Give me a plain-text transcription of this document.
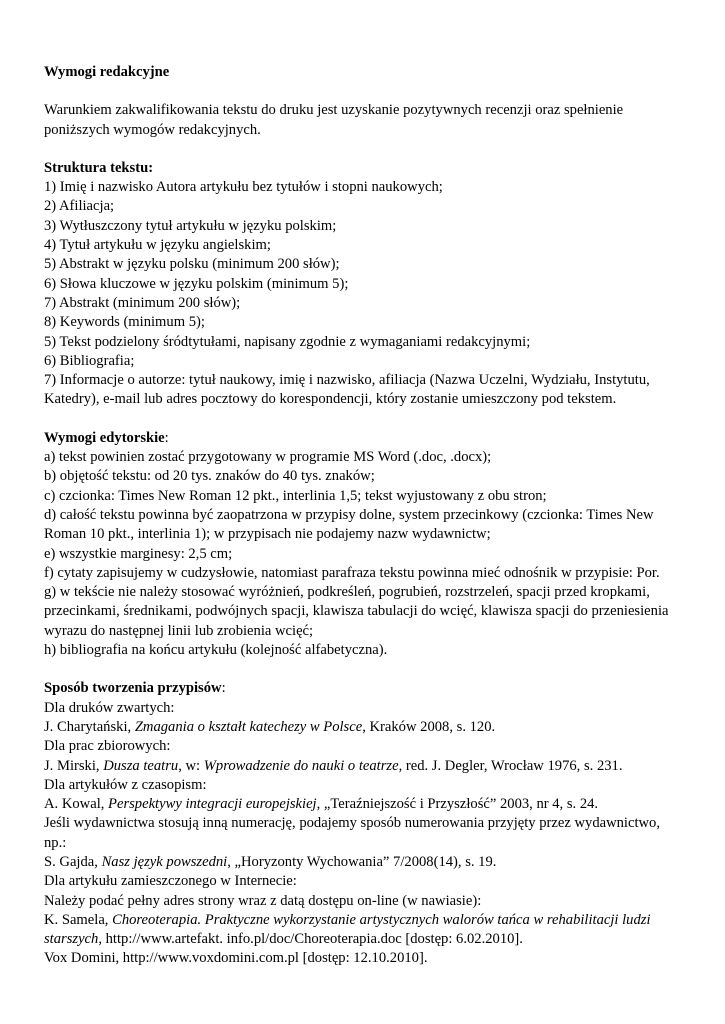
Wymogi redakcyjne

Warunkiem zakwalifikowania tekstu do druku jest uzyskanie pozytywnych recenzji oraz spełnienie poniższych wymogów redakcyjnych.

Struktura tekstu:
1) Imię i nazwisko Autora artykułu bez tytułów i stopni naukowych;
2) Afiliacja;
3) Wytłuszczony tytuł artykułu w języku polskim;
4) Tytuł artykułu w języku angielskim;
5) Abstrakt w języku polsku (minimum 200 słów);
6) Słowa kluczowe w języku polskim (minimum 5);
7) Abstrakt (minimum 200 słów);
8) Keywords (minimum 5);
5) Tekst podzielony śródtytułami, napisany zgodnie z wymaganiami redakcyjnymi;
6) Bibliografia;
7) Informacje o autorze: tytuł naukowy, imię i nazwisko, afiliacja (Nazwa Uczelni, Wydziału, Instytutu, Katedry), e-mail lub adres pocztowy do korespondencji, który zostanie umieszczony pod tekstem.
Wymogi edytorskie:
a) tekst powinien zostać przygotowany w programie MS Word (.doc, .docx);
b) objętość tekstu: od 20 tys. znaków do 40 tys. znaków;
c) czcionka: Times New Roman 12 pkt., interlinia 1,5; tekst wyjustowany z obu stron;
d) całość tekstu powinna być zaopatrzona w przypisy dolne, system przecinkowy (czcionka: Times New Roman 10 pkt., interlinia 1); w przypisach nie podajemy nazw wydawnictw;
e) wszystkie marginesy: 2,5 cm;
f) cytaty zapisujemy w cudzysłowie, natomiast parafraza tekstu powinna mieć odnośnik w przypisie: Por.
g) w tekście nie należy stosować wyróżnień, podkreśleń, pogrubień, rozstrzeleń, spacji przed kropkami, przecinkami, średnikami, podwójnych spacji, klawisza tabulacji do wcięć, klawisza spacji do przeniesienia wyrazu do następnej linii lub zrobienia wcięć;
h) bibliografia na końcu artykułu (kolejność alfabetyczna).
Sposób tworzenia przypisów:
Dla druków zwartych:
J. Charytański, Zmagania o kształt katechezy w Polsce, Kraków 2008, s. 120.
Dla prac zbiorowych:
J. Mirski, Dusza teatru, w: Wprowadzenie do nauki o teatrze, red. J. Degler, Wrocław 1976, s. 231.
Dla artykułów z czasopism:
A. Kowal, Perspektywy integracji europejskiej, „Teraźniejszość i Przyszłość” 2003, nr 4, s. 24.
Jeśli wydawnictwa stosują inną numerację, podajemy sposób numerowania przyjęty przez wydawnictwo, np.:
S. Gajda, Nasz język powszedni, „Horyzonty Wychowania” 7/2008(14), s. 19.
Dla artykułu zamieszczonego w Internecie:
Należy podać pełny adres strony wraz z datą dostępu on-line (w nawiasie):
K. Samela, Choreoterapia. Praktyczne wykorzystanie artystycznych walorów tańca w rehabilitacji ludzi starszych, http://www.artefakt. info.pl/doc/Choreoterapia.doc [dostęp: 6.02.2010].
Vox Domini, http://www.voxdomini.com.pl [dostęp: 12.10.2010].
